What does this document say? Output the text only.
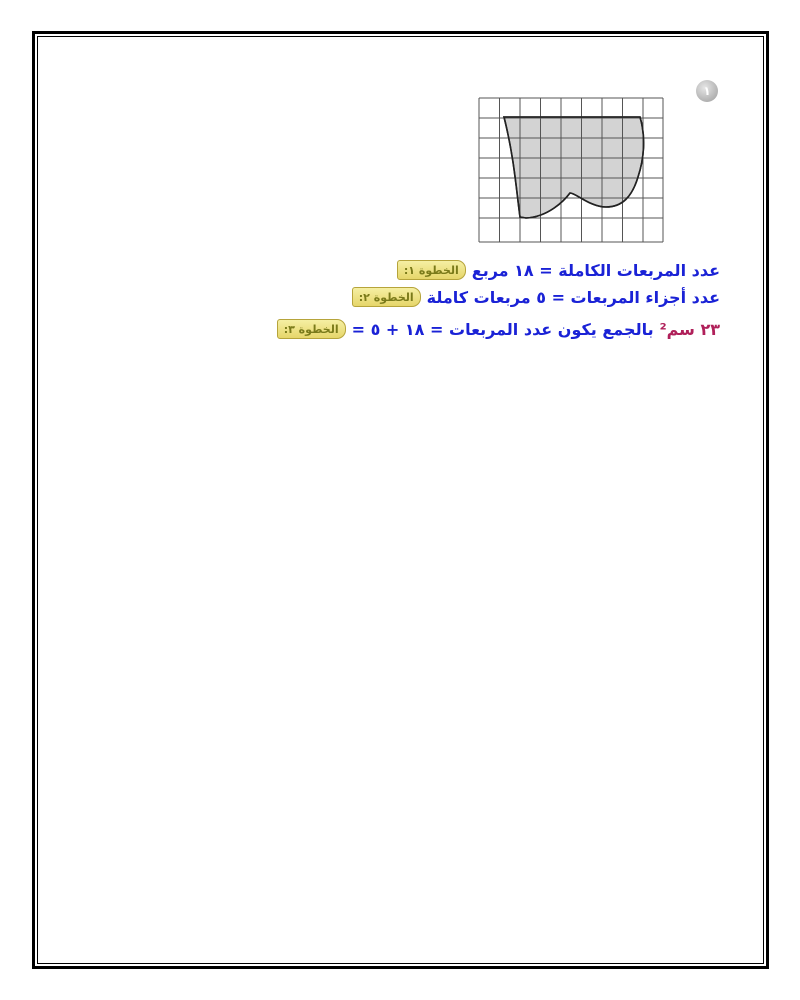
١
الخطوة ١: عدد المربعات الكاملة = ١٨ مربع
الخطوة ٢: عدد أجزاء المربعات = ٥ مربعات كاملة
الخطوة ٣: بالجمع يكون عدد المربعات = ١٨ + ٥ = ٢٣ سم²
